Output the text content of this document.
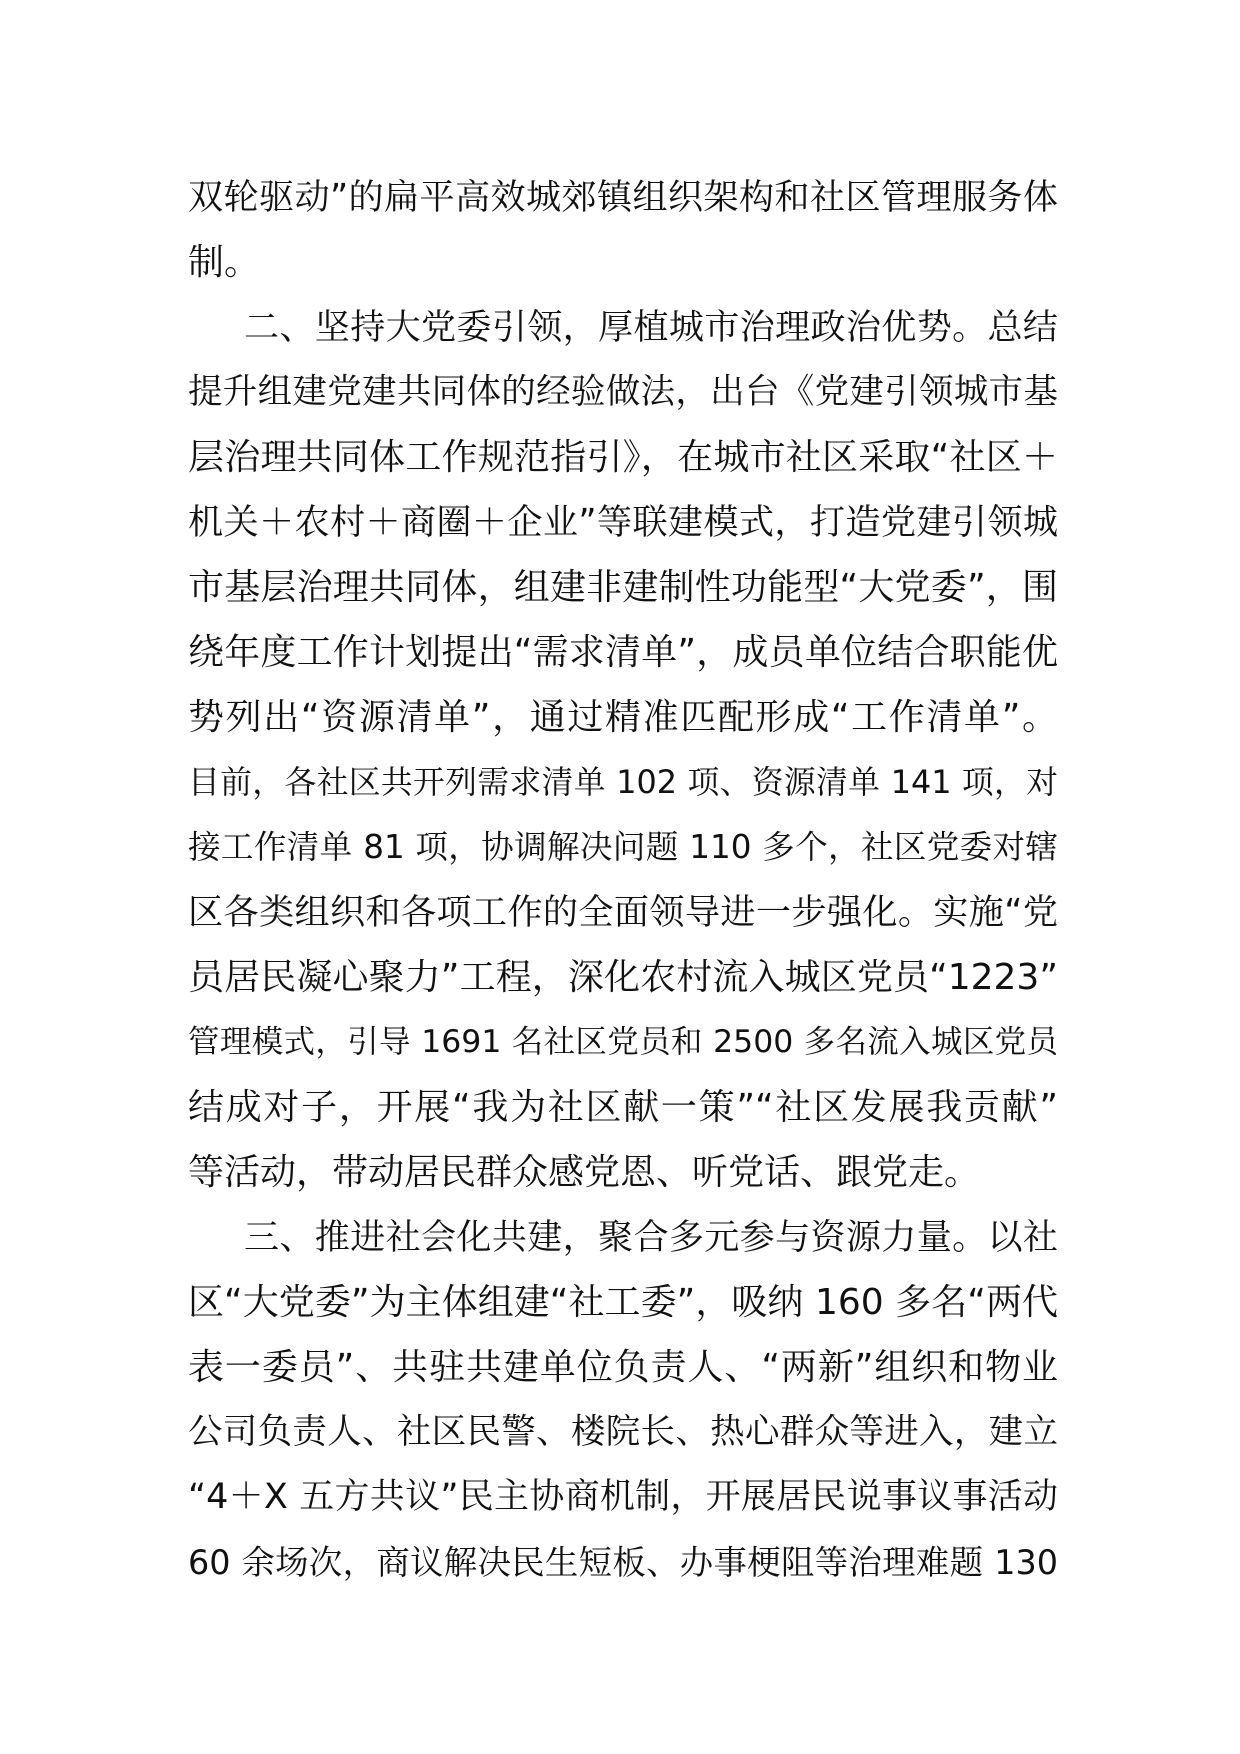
双轮驱动”的扁平高效城郊镇组织架构和社区管理服务体
制。
二、坚持大党委引领，厚植城市治理政治优势。总结
提升组建党建共同体的经验做法，出台《党建引领城市基
层治理共同体工作规范指引》，在城市社区采取“社区＋
机关＋农村＋商圈＋企业”等联建模式，打造党建引领城
市基层治理共同体，组建非建制性功能型“大党委”，围
绕年度工作计划提出“需求清单”，成员单位结合职能优
势列出“资源清单”，通过精准匹配形成“工作清单”。
目前，各社区共开列需求清单 102 项、资源清单 141 项，对
接工作清单 81 项，协调解决问题 110 多个，社区党委对辖
区各类组织和各项工作的全面领导进一步强化。实施“党
员居民凝心聚力”工程，深化农村流入城区党员“1223”
管理模式，引导 1691 名社区党员和 2500 多名流入城区党员
结成对子，开展“我为社区献一策”“社区发展我贡献”
等活动，带动居民群众感党恩、听党话、跟党走。
三、推进社会化共建，聚合多元参与资源力量。以社
区“大党委”为主体组建“社工委”，吸纳 160 多名“两代
表一委员”、共驻共建单位负责人、“两新”组织和物业
公司负责人、社区民警、楼院长、热心群众等进入，建立
“4＋X 五方共议”民主协商机制，开展居民说事议事活动
60 余场次，商议解决民生短板、办事梗阻等治理难题 130
